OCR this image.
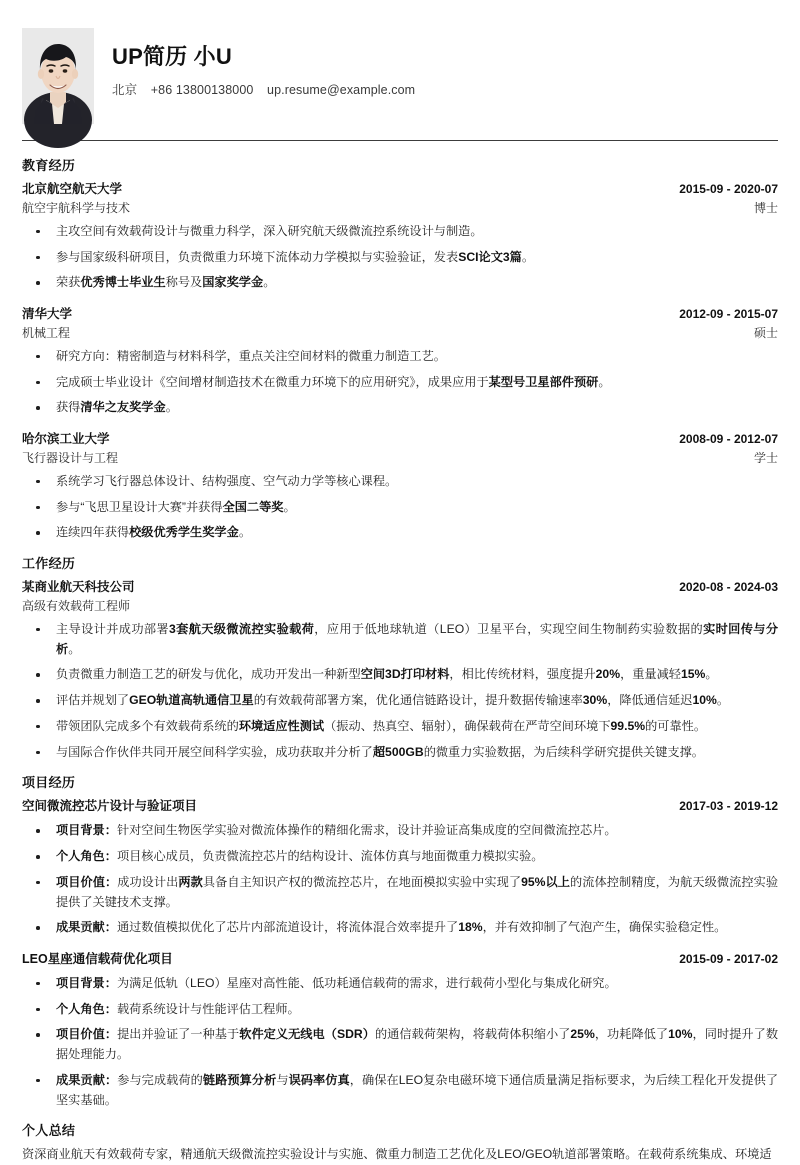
UP简历 小U
北京 +86 13800138000 up.resume@example.com
教育经历
北京航空航天大学	2015-09 - 2020-07
航空宇航科学与技术	博士
主攻空间有效载荷设计与微重力科学，深入研究航天级微流控系统设计与制造。
参与国家级科研项目，负责微重力环境下流体动力学模拟与实验验证，发表SCI论文3篇。
荣获优秀博士毕业生称号及国家奖学金。
清华大学	2012-09 - 2015-07
机械工程	硕士
研究方向：精密制造与材料科学，重点关注空间材料的微重力制造工艺。
完成硕士毕业设计《空间增材制造技术在微重力环境下的应用研究》，成果应用于某型号卫星部件预研。
获得清华之友奖学金。
哈尔滨工业大学	2008-09 - 2012-07
飞行器设计与工程	学士
系统学习飞行器总体设计、结构强度、空气动力学等核心课程。
参与“飞思卫星设计大赛”并获得全国二等奖。
连续四年获得校级优秀学生奖学金。
工作经历
某商业航天科技公司	2020-08 - 2024-03
高级有效载荷工程师
主导设计并成功部署3套航天级微流控实验载荷，应用于低地球轨道（LEO）卫星平台，实现空间生物制药实验数据的实时回传与分析。
负责微重力制造工艺的研发与优化，成功开发出一种新型空间3D打印材料，相比传统材料，强度提升20%，重量减轻15%。
评估并规划了GEO轨道高轨通信卫星的有效载荷部署方案，优化通信链路设计，提升数据传输速率30%，降低通信延迟10%。
带领团队完成多个有效载荷系统的环境适应性测试（振动、热真空、辐射），确保载荷在严苛空间环境下99.5%的可靠性。
与国际合作伙伴共同开展空间科学实验，成功获取并分析了超500GB的微重力实验数据，为后续科学研究提供关键支撑。
项目经历
空间微流控芯片设计与验证项目	2017-03 - 2019-12
项目背景：针对空间生物医学实验对微流体操作的精细化需求，设计并验证高集成度的空间微流控芯片。
个人角色：项目核心成员，负责微流控芯片的结构设计、流体仿真与地面微重力模拟实验。
项目价值：成功设计出两款具备自主知识产权的微流控芯片，在地面模拟实验中实现了95%以上的流体控制精度，为航天级微流控实验提供了关键技术支撑。
成果贡献：通过数值模拟优化了芯片内部流道设计，将流体混合效率提升了18%，并有效抑制了气泡产生，确保实验稳定性。
LEO星座通信载荷优化项目	2015-09 - 2017-02
项目背景：为满足低轨（LEO）星座对高性能、低功耗通信载荷的需求，进行载荷小型化与集成化研究。
个人角色：载荷系统设计与性能评估工程师。
项目价值：提出并验证了一种基于软件定义无线电（SDR）的通信载荷架构，将载荷体积缩小了25%，功耗降低了10%，同时提升了数据处理能力。
成果贡献：参与完成载荷的链路预算分析与误码率仿真，确保在LEO复杂电磁环境下通信质量满足指标要求，为后续工程化开发提供了坚实基础。
个人总结
资深商业航天有效载荷专家，精通航天级微流控实验设计与实施、微重力制造工艺优化及LEO/GEO轨道部署策略。在载荷系统集成、环境适
